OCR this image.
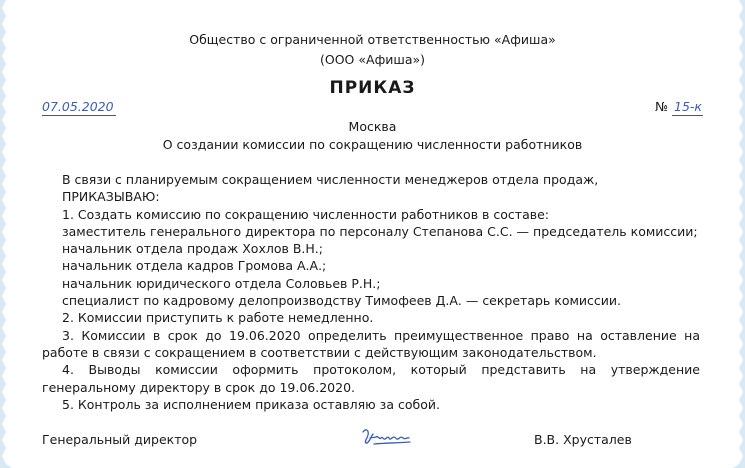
Общество с ограниченной ответственностью «Афиша»
(ООО «Афиша»)
ПРИКАЗ
07.05.2020	№ 15-к
Москва
О создании комиссии по сокращению численности работников

В связи с планируемым сокращением численности менеджеров отдела продаж,

ПРИКАЗЫВАЮ:

1. Создать комиссию по сокращению численности работников в составе:

заместитель генерального директора по персоналу Степанова С.С. — председатель комиссии;

начальник отдела продаж Хохлов В.Н.;

начальник отдела кадров Громова А.А.;

начальник юридического отдела Соловьев Р.Н.;

специалист по кадровому делопроизводству Тимофеев Д.А. — секретарь комиссии.

2. Комиссии приступить к работе немедленно.

3. Комиссии в срок до 19.06.2020 определить преимущественное право на оставление на работе в связи с сокращением в соответствии с действующим законодательством.

4. Выводы комиссии оформить протоколом, который представить на утверждение генеральному директору в срок до 19.06.2020.

5. Контроль за исполнением приказа оставляю за собой.

Генеральный директор	В.В. Хрусталев
